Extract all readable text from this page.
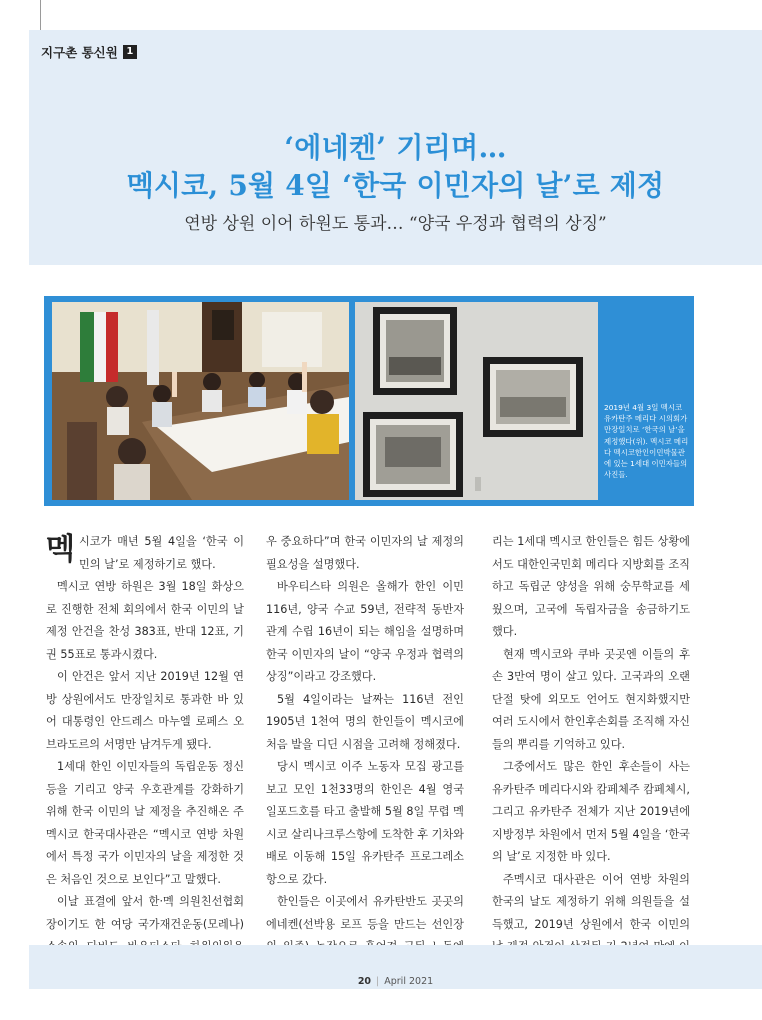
지구촌 통신원 1
‘에네켄’ 기리며…
멕시코, 5월 4일 ‘한국 이민자의 날’로 제정
연방 상원 이어 하원도 통과… “양국 우정과 협력의 상징”
2019년 4월 3일 멕시코 유카탄주 메리다 시의회가 만장일치로 ‘한국의 날’을 제정했다(위). 멕시코 메리다 멕시코한인이민박물관에 있는 1세대 이민자들의 사진들.

멕시코가 매년 5월 4일을 ‘한국 이민의 날’로 제정하기로 했다.

멕시코 연방 하원은 3월 18일 화상으로 진행한 전체 회의에서 한국 이민의 날 제정 안건을 찬성 383표, 반대 12표, 기권 55표로 통과시켰다.

이 안건은 앞서 지난 2019년 12월 연방 상원에서도 만장일치로 통과한 바 있어 대통령인 안드레스 마누엘 로페스 오브라도르의 서명만 남겨두게 됐다.

1세대 한인 이민자들의 독립운동 정신 등을 기리고 양국 우호관계를 강화하기 위해 한국 이민의 날 제정을 추진해온 주멕시코 한국대사관은 “멕시코 연방 차원에서 특정 국가 이민자의 날을 제정한 것은 처음인 것으로 보인다”고 말했다.

이날 표결에 앞서 한·멕 의원친선협회장이기도 한 여당 국가재건운동(모레나)

우 중요하다”며 한국 이민자의 날 제정의 필요성을 설명했다.

바우티스타 의원은 올해가 한인 이민 116년, 양국 수교 59년, 전략적 동반자 관계 수립 16년이 되는 해임을 설명하며 한국 이민자의 날이 “양국 우정과 협력의 상징”이라고 강조했다.

5월 4일이라는 날짜는 116년 전인 1905년 1천여 명의 한인들이 멕시코에 처음 발을 디딘 시점을 고려해 정해졌다.

당시 멕시코 이주 노동자 모집 광고를 보고 모인 1천33명의 한인은 4월 영국 일포드호를 타고 출발해 5월 8일 무렵 멕시코 살리나크루스항에 도착한 후 기차와 배로 이동해 15일 유카탄주 프로그레소항으로 갔다.

한인들은 이곳에서 유카탄반도 곳곳의 에네켄(선박용 로프 등을 만드는 선인장

리는 1세대 멕시코 한인들은 힘든 상황에서도 대한인국민회 메리다 지방회를 조직하고 독립군 양성을 위해 숭무학교를 세웠으며, 고국에 독립자금을 송금하기도 했다.

현재 멕시코와 쿠바 곳곳엔 이들의 후손 3만여 명이 살고 있다. 고국과의 오랜 단절 탓에 외모도 언어도 현지화했지만 여러 도시에서 한인후손회를 조직해 자신들의 뿌리를 기억하고 있다.

그중에서도 많은 한인 후손들이 사는 유카탄주 메리다시와 캄페체주 캄페체시, 그리고 유카탄주 전체가 지난 2019년에 지방정부 차원에서 먼저 5월 4일을 ‘한국의 날’로 지정한 바 있다.

주멕시코 대사관은 이어 연방 차원의 한국의 날도 제정하기 위해 의원들을 설득했고, 2019년 상원에서 한국 이민의

20 | April 2021
